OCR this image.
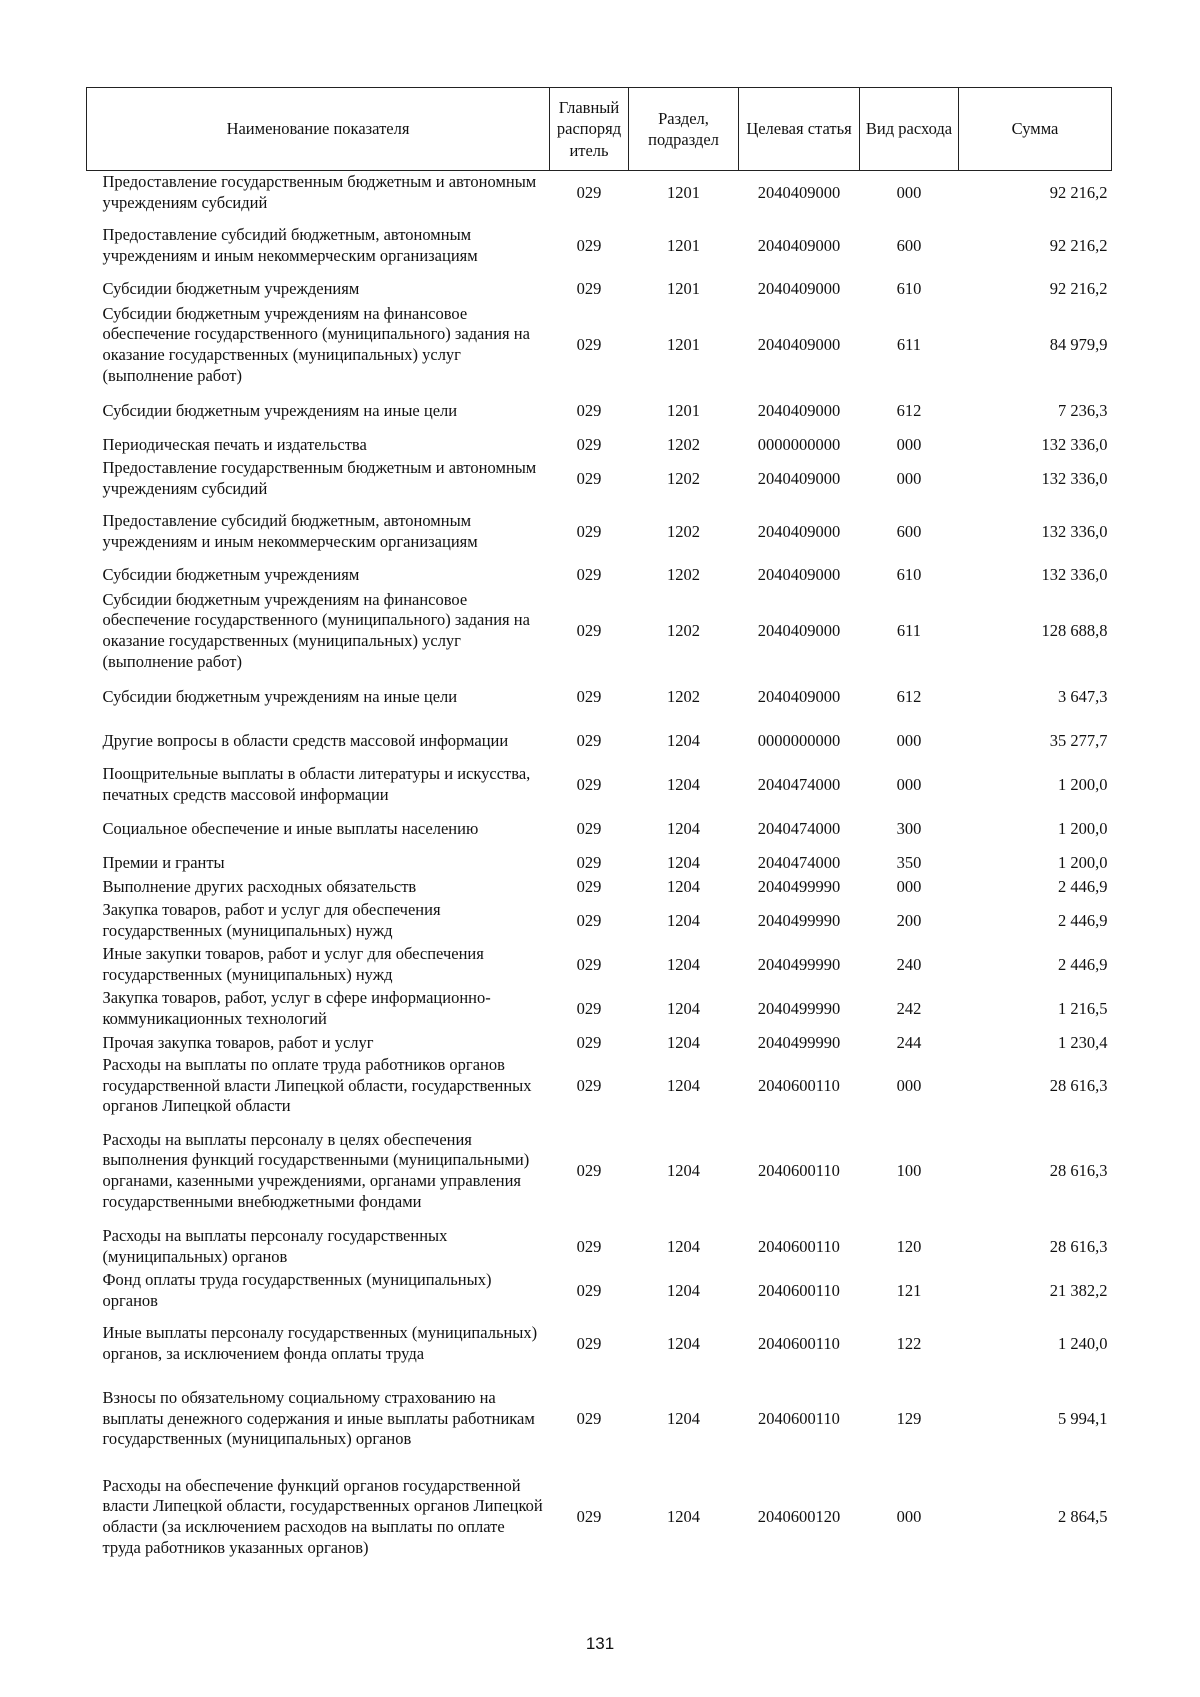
Наименование показателя	Главный распоряд итель	Раздел, подраздел	Целевая статья	Вид расхода	Сумма
Предоставление государственным бюджетным и автономным учреждениям субсидий	029	1201	2040409000	000	92 216,2
Предоставление субсидий бюджетным, автономным учреждениям и иным некоммерческим организациям	029	1201	2040409000	600	92 216,2
Субсидии бюджетным учреждениям	029	1201	2040409000	610	92 216,2
Субсидии бюджетным учреждениям на финансовое обеспечение государственного (муниципального) задания на оказание государственных (муниципальных) услуг (выполнение работ)	029	1201	2040409000	611	84 979,9
Субсидии бюджетным учреждениям на иные цели	029	1201	2040409000	612	7 236,3
Периодическая печать и издательства	029	1202	0000000000	000	132 336,0
Предоставление государственным бюджетным и автономным учреждениям субсидий	029	1202	2040409000	000	132 336,0
Предоставление субсидий бюджетным, автономным учреждениям и иным некоммерческим организациям	029	1202	2040409000	600	132 336,0
Субсидии бюджетным учреждениям	029	1202	2040409000	610	132 336,0
Субсидии бюджетным учреждениям на финансовое обеспечение государственного (муниципального) задания на оказание государственных (муниципальных) услуг (выполнение работ)	029	1202	2040409000	611	128 688,8
Субсидии бюджетным учреждениям на иные цели	029	1202	2040409000	612	3 647,3
Другие вопросы в области средств массовой информации	029	1204	0000000000	000	35 277,7
Поощрительные выплаты в области литературы и искусства, печатных средств массовой информации	029	1204	2040474000	000	1 200,0
Социальное обеспечение и иные выплаты населению	029	1204	2040474000	300	1 200,0
Премии и гранты	029	1204	2040474000	350	1 200,0
Выполнение других расходных обязательств	029	1204	2040499990	000	2 446,9
Закупка товаров, работ и услуг для обеспечения государственных (муниципальных) нужд	029	1204	2040499990	200	2 446,9
Иные закупки товаров, работ и услуг для обеспечения государственных (муниципальных) нужд	029	1204	2040499990	240	2 446,9
Закупка товаров, работ, услуг в сфере информационно-коммуникационных технологий	029	1204	2040499990	242	1 216,5
Прочая закупка товаров, работ и услуг	029	1204	2040499990	244	1 230,4
Расходы на выплаты по оплате труда работников органов государственной власти Липецкой области, государственных органов Липецкой области	029	1204	2040600110	000	28 616,3
Расходы на выплаты персоналу в целях обеспечения выполнения функций государственными (муниципальными) органами, казенными учреждениями, органами управления государственными внебюджетными фондами	029	1204	2040600110	100	28 616,3
Расходы на выплаты персоналу государственных (муниципальных) органов	029	1204	2040600110	120	28 616,3
Фонд оплаты труда государственных (муниципальных) органов	029	1204	2040600110	121	21 382,2
Иные выплаты персоналу государственных (муниципальных) органов, за исключением фонда оплаты труда	029	1204	2040600110	122	1 240,0
Взносы по обязательному социальному страхованию на выплаты денежного содержания и иные выплаты работникам государственных (муниципальных) органов	029	1204	2040600110	129	5 994,1
Расходы на обеспечение функций органов государственной власти Липецкой области, государственных органов Липецкой области (за исключением расходов на выплаты по оплате труда работников указанных органов)	029	1204	2040600120	000	2 864,5
131
